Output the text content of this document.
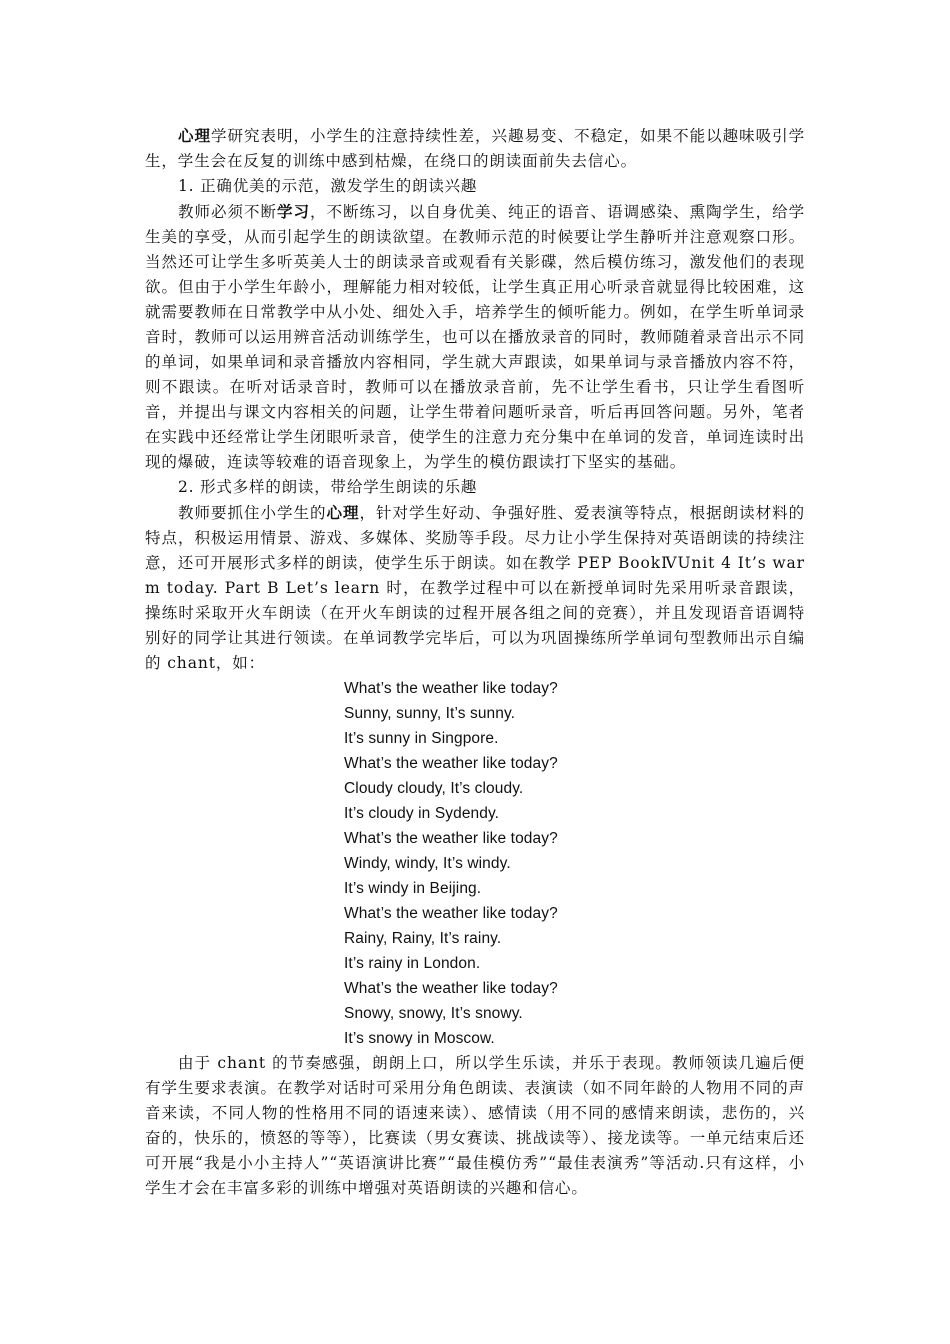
心理学研究表明，小学生的注意持续性差，兴趣易变、不稳定，如果不能以趣味吸引学生，学生会在反复的训练中感到枯燥，在绕口的朗读面前失去信心。

1. 正确优美的示范，激发学生的朗读兴趣

教师必须不断学习，不断练习，以自身优美、纯正的语音、语调感染、熏陶学生，给学生美的享受，从而引起学生的朗读欲望。在教师示范的时候要让学生静听并注意观察口形。当然还可让学生多听英美人士的朗读录音或观看有关影碟，然后模仿练习，激发他们的表现欲。但由于小学生年龄小，理解能力相对较低，让学生真正用心听录音就显得比较困难，这就需要教师在日常教学中从小处、细处入手，培养学生的倾听能力。例如，在学生听单词录音时，教师可以运用辨音活动训练学生，也可以在播放录音的同时，教师随着录音出示不同的单词，如果单词和录音播放内容相同，学生就大声跟读，如果单词与录音播放内容不符，则不跟读。在听对话录音时，教师可以在播放录音前，先不让学生看书，只让学生看图听音，并提出与课文内容相关的问题，让学生带着问题听录音，听后再回答问题。另外，笔者在实践中还经常让学生闭眼听录音，使学生的注意力充分集中在单词的发音，单词连读时出现的爆破，连读等较难的语音现象上，为学生的模仿跟读打下坚实的基础。

2. 形式多样的朗读，带给学生朗读的乐趣

教师要抓住小学生的心理，针对学生好动、争强好胜、爱表演等特点，根据朗读材料的特点，积极运用情景、游戏、多媒体、奖励等手段。尽力让小学生保持对英语朗读的持续注意，还可开展形式多样的朗读，使学生乐于朗读。如在教学 PEP BookⅣUnit 4 It’s warm today. Part B Let’s learn 时，在教学过程中可以在新授单词时先采用听录音跟读，操练时采取开火车朗读（在开火车朗读的过程开展各组之间的竞赛），并且发现语音语调特别好的同学让其进行领读。在单词教学完毕后，可以为巩固操练所学单词句型教师出示自编的 chant，如：

What’s the weather like today?
Sunny, sunny, It’s sunny.
It’s sunny in Singpore.
What’s the weather like today?
Cloudy cloudy, It’s cloudy.
It’s cloudy in Sydendy.
What’s the weather like today?
Windy, windy, It’s windy.
It’s windy in Beijing.
What’s the weather like today?
Rainy, Rainy, It’s rainy.
It’s rainy in London.
What’s the weather like today?
Snowy, snowy, It’s snowy.
It’s snowy in Moscow.

由于 chant 的节奏感强，朗朗上口，所以学生乐读，并乐于表现。教师领读几遍后便有学生要求表演。在教学对话时可采用分角色朗读、表演读（如不同年龄的人物用不同的声音来读，不同人物的性格用不同的语速来读）、感情读（用不同的感情来朗读，悲伤的，兴奋的，快乐的，愤怒的等等），比赛读（男女赛读、挑战读等）、接龙读等。一单元结束后还可开展“我是小小主持人”“英语演讲比赛”“最佳模仿秀”“最佳表演秀”等活动.只有这样，小学生才会在丰富多彩的训练中增强对英语朗读的兴趣和信心。
